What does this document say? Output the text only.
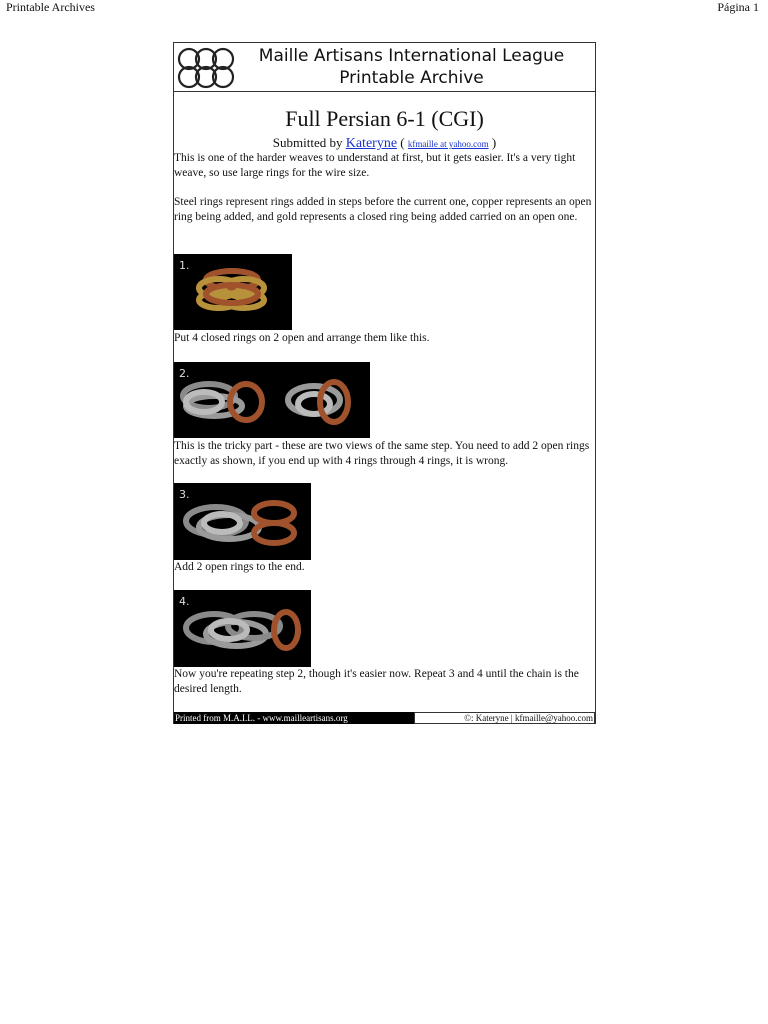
Printable Archives	Página 1
Maille Artisans International League
Printable Archive
Full Persian 6-1 (CGI)
Submitted by Kateryne ( kfmaille at yahoo.com )
This is one of the harder weaves to understand at first, but it gets easier. It's a very tight weave, so use large rings for the wire size.
Steel rings represent rings added in steps before the current one, copper represents an open ring being added, and gold represents a closed ring being added carried on an open one.
1.
Put 4 closed rings on 2 open and arrange them like this.
2.
This is the tricky part - these are two views of the same step. You need to add 2 open rings exactly as shown, if you end up with 4 rings through 4 rings, it is wrong.
3.
Add 2 open rings to the end.
4.
Now you're repeating step 2, though it's easier now. Repeat 3 and 4 until the chain is the desired length.
Printed from M.A.I.L. - www.mailleartisans.org	©: Kateryne | kfmaille@yahoo.com
